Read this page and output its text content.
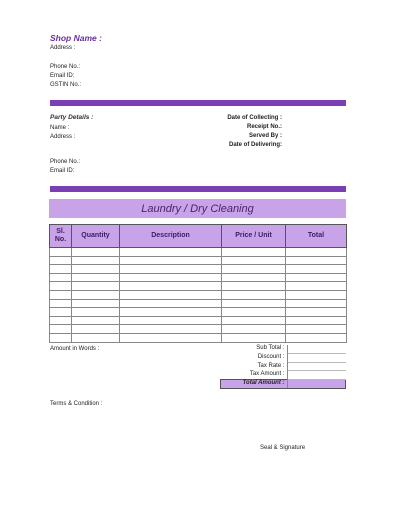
Shop Name :
Address :
Phone No.:
Email ID:
GSTIN No.:
Party Details :
Name :
Address :
Phone No.:
Email ID:
Date of Collecting :
Receipt No.:
Served By :
Date of Delivering:
Laundry / Dry Cleaning
Sl. No.	Quantity	Description	Price / Unit	Total

Amount in Words :	Sub Total :	
Discount :	
Tax Rate :	
Tax Amount :	
Total Amount :	
Terms & Condition :
Seal & Signature
